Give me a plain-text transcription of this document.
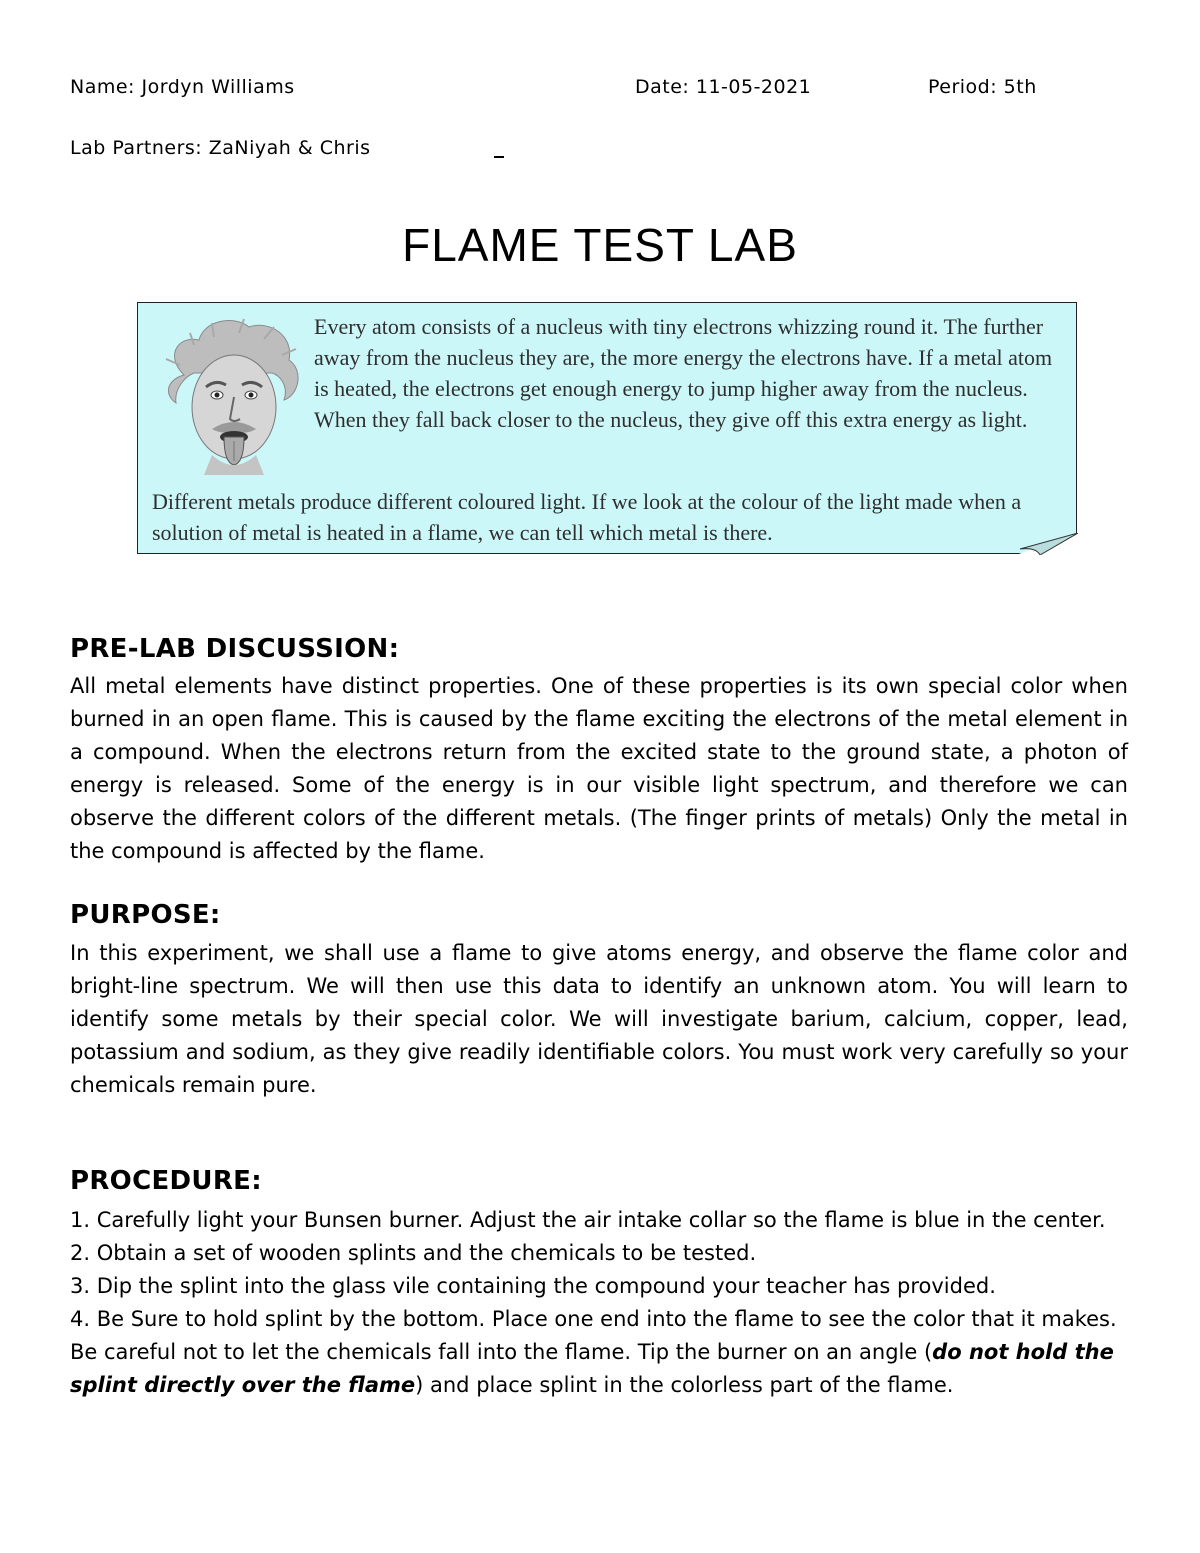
Name: Jordyn Williams	Date: 11-05-2021	Period: 5th
Lab Partners: ZaNiyah & Chris
FLAME TEST LAB

Every atom consists of a nucleus with tiny electrons whizzing round it. The further away from the nucleus they are, the more energy the electrons have. If a metal atom is heated, the electrons get enough energy to jump higher away from the nucleus. When they fall back closer to the nucleus, they give off this extra energy as light.

Different metals produce different coloured light. If we look at the colour of the light made when a solution of metal is heated in a flame, we can tell which metal is there.

PRE-LAB DISCUSSION:

All metal elements have distinct properties. One of these properties is its own special color when burned in an open flame. This is caused by the flame exciting the electrons of the metal element in a compound. When the electrons return from the excited state to the ground state, a photon of energy is released. Some of the energy is in our visible light spectrum, and therefore we can observe the different colors of the different metals. (The finger prints of metals) Only the metal in the compound is affected by the flame.

PURPOSE:

In this experiment, we shall use a flame to give atoms energy, and observe the flame color and bright-line spectrum. We will then use this data to identify an unknown atom. You will learn to identify some metals by their special color. We will investigate barium, calcium, copper, lead, potassium and sodium, as they give readily identifiable colors. You must work very carefully so your chemicals remain pure.

PROCEDURE:

1. Carefully light your Bunsen burner. Adjust the air intake collar so the flame is blue in the center.

2. Obtain a set of wooden splints and the chemicals to be tested.

3. Dip the splint into the glass vile containing the compound your teacher has provided.

4. Be Sure to hold splint by the bottom. Place one end into the flame to see the color that it makes. Be careful not to let the chemicals fall into the flame. Tip the burner on an angle (do not hold the splint directly over the flame) and place splint in the colorless part of the flame.
